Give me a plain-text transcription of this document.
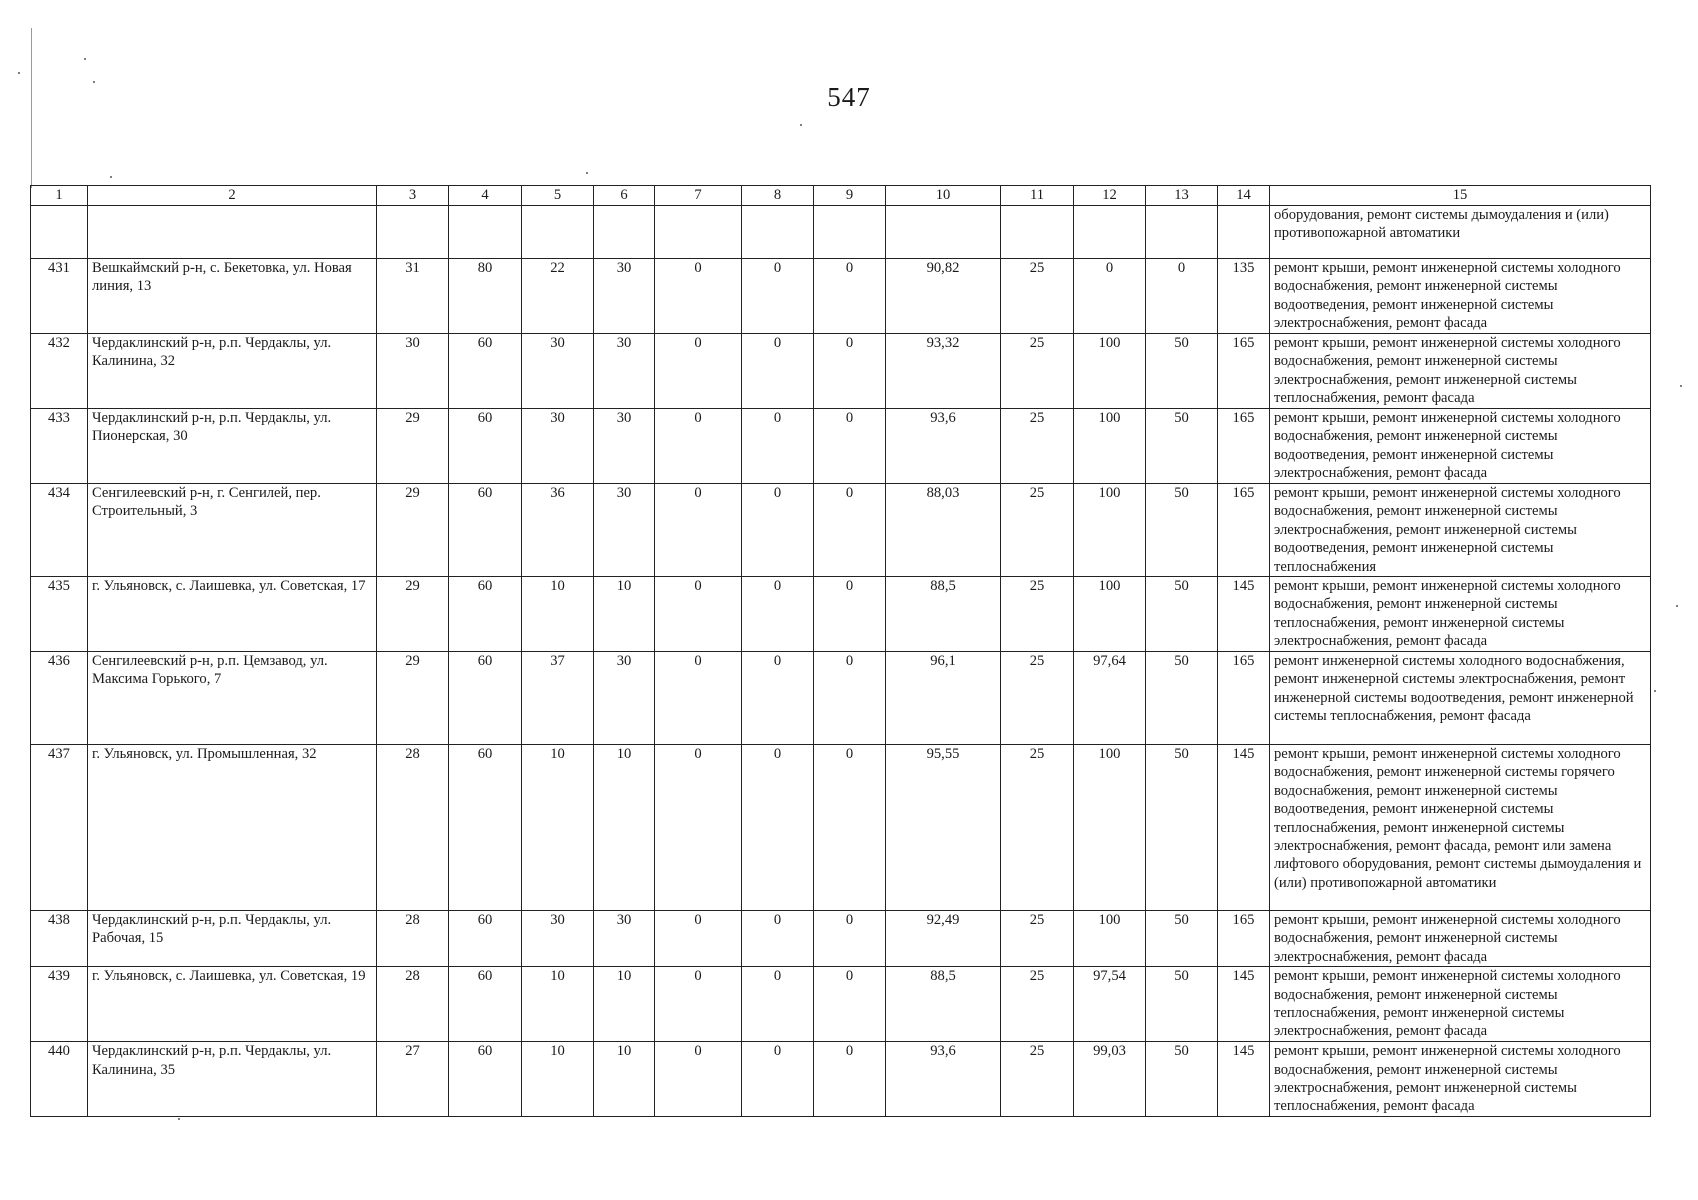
547
1	2	3	4	5	6	7	8	9	10	11	12	13	14	15
														оборудования, ремонт системы дымоудаления и (или) противопожарной автоматики
431	Вешкаймский р-н, с. Бекетовка, ул. Новая линия, 13	31	80	22	30	0	0	0	90,82	25	0	0	135	ремонт крыши, ремонт инженерной системы холодного водоснабжения, ремонт инженерной системы водоотведения, ремонт инженерной системы электроснабжения, ремонт фасада
432	Чердаклинский р-н, р.п. Чердаклы, ул. Калинина, 32	30	60	30	30	0	0	0	93,32	25	100	50	165	ремонт крыши, ремонт инженерной системы холодного водоснабжения, ремонт инженерной системы электроснабжения, ремонт инженерной системы теплоснабжения, ремонт фасада
433	Чердаклинский р-н, р.п. Чердаклы, ул. Пионерская, 30	29	60	30	30	0	0	0	93,6	25	100	50	165	ремонт крыши, ремонт инженерной системы холодного водоснабжения, ремонт инженерной системы водоотведения, ремонт инженерной системы электроснабжения, ремонт фасада
434	Сенгилеевский р-н, г. Сенгилей, пер. Строительный, 3	29	60	36	30	0	0	0	88,03	25	100	50	165	ремонт крыши, ремонт инженерной системы холодного водоснабжения, ремонт инженерной системы электроснабжения, ремонт инженерной системы водоотведения, ремонт инженерной системы теплоснабжения
435	г. Ульяновск, с. Лаишевка, ул. Советская, 17	29	60	10	10	0	0	0	88,5	25	100	50	145	ремонт крыши, ремонт инженерной системы холодного водоснабжения, ремонт инженерной системы теплоснабжения, ремонт инженерной системы электроснабжения, ремонт фасада
436	Сенгилеевский р-н, р.п. Цемзавод, ул. Максима Горького, 7	29	60	37	30	0	0	0	96,1	25	97,64	50	165	ремонт инженерной системы холодного водоснабжения, ремонт инженерной системы электроснабжения, ремонт инженерной системы водоотведения, ремонт инженерной системы теплоснабжения, ремонт фасада
437	г. Ульяновск, ул. Промышленная, 32	28	60	10	10	0	0	0	95,55	25	100	50	145	ремонт крыши, ремонт инженерной системы холодного водоснабжения, ремонт инженерной системы горячего водоснабжения, ремонт инженерной системы водоотведения, ремонт инженерной системы теплоснабжения, ремонт инженерной системы электроснабжения, ремонт фасада, ремонт или замена лифтового оборудования, ремонт системы дымоудаления и (или) противопожарной автоматики
438	Чердаклинский р-н, р.п. Чердаклы, ул. Рабочая, 15	28	60	30	30	0	0	0	92,49	25	100	50	165	ремонт крыши, ремонт инженерной системы холодного водоснабжения, ремонт инженерной системы электроснабжения, ремонт фасада
439	г. Ульяновск, с. Лаишевка, ул. Советская, 19	28	60	10	10	0	0	0	88,5	25	97,54	50	145	ремонт крыши, ремонт инженерной системы холодного водоснабжения, ремонт инженерной системы теплоснабжения, ремонт инженерной системы электроснабжения, ремонт фасада
440	Чердаклинский р-н, р.п. Чердаклы, ул. Калинина, 35	27	60	10	10	0	0	0	93,6	25	99,03	50	145	ремонт крыши, ремонт инженерной системы холодного водоснабжения, ремонт инженерной системы электроснабжения, ремонт инженерной системы теплоснабжения, ремонт фасада
